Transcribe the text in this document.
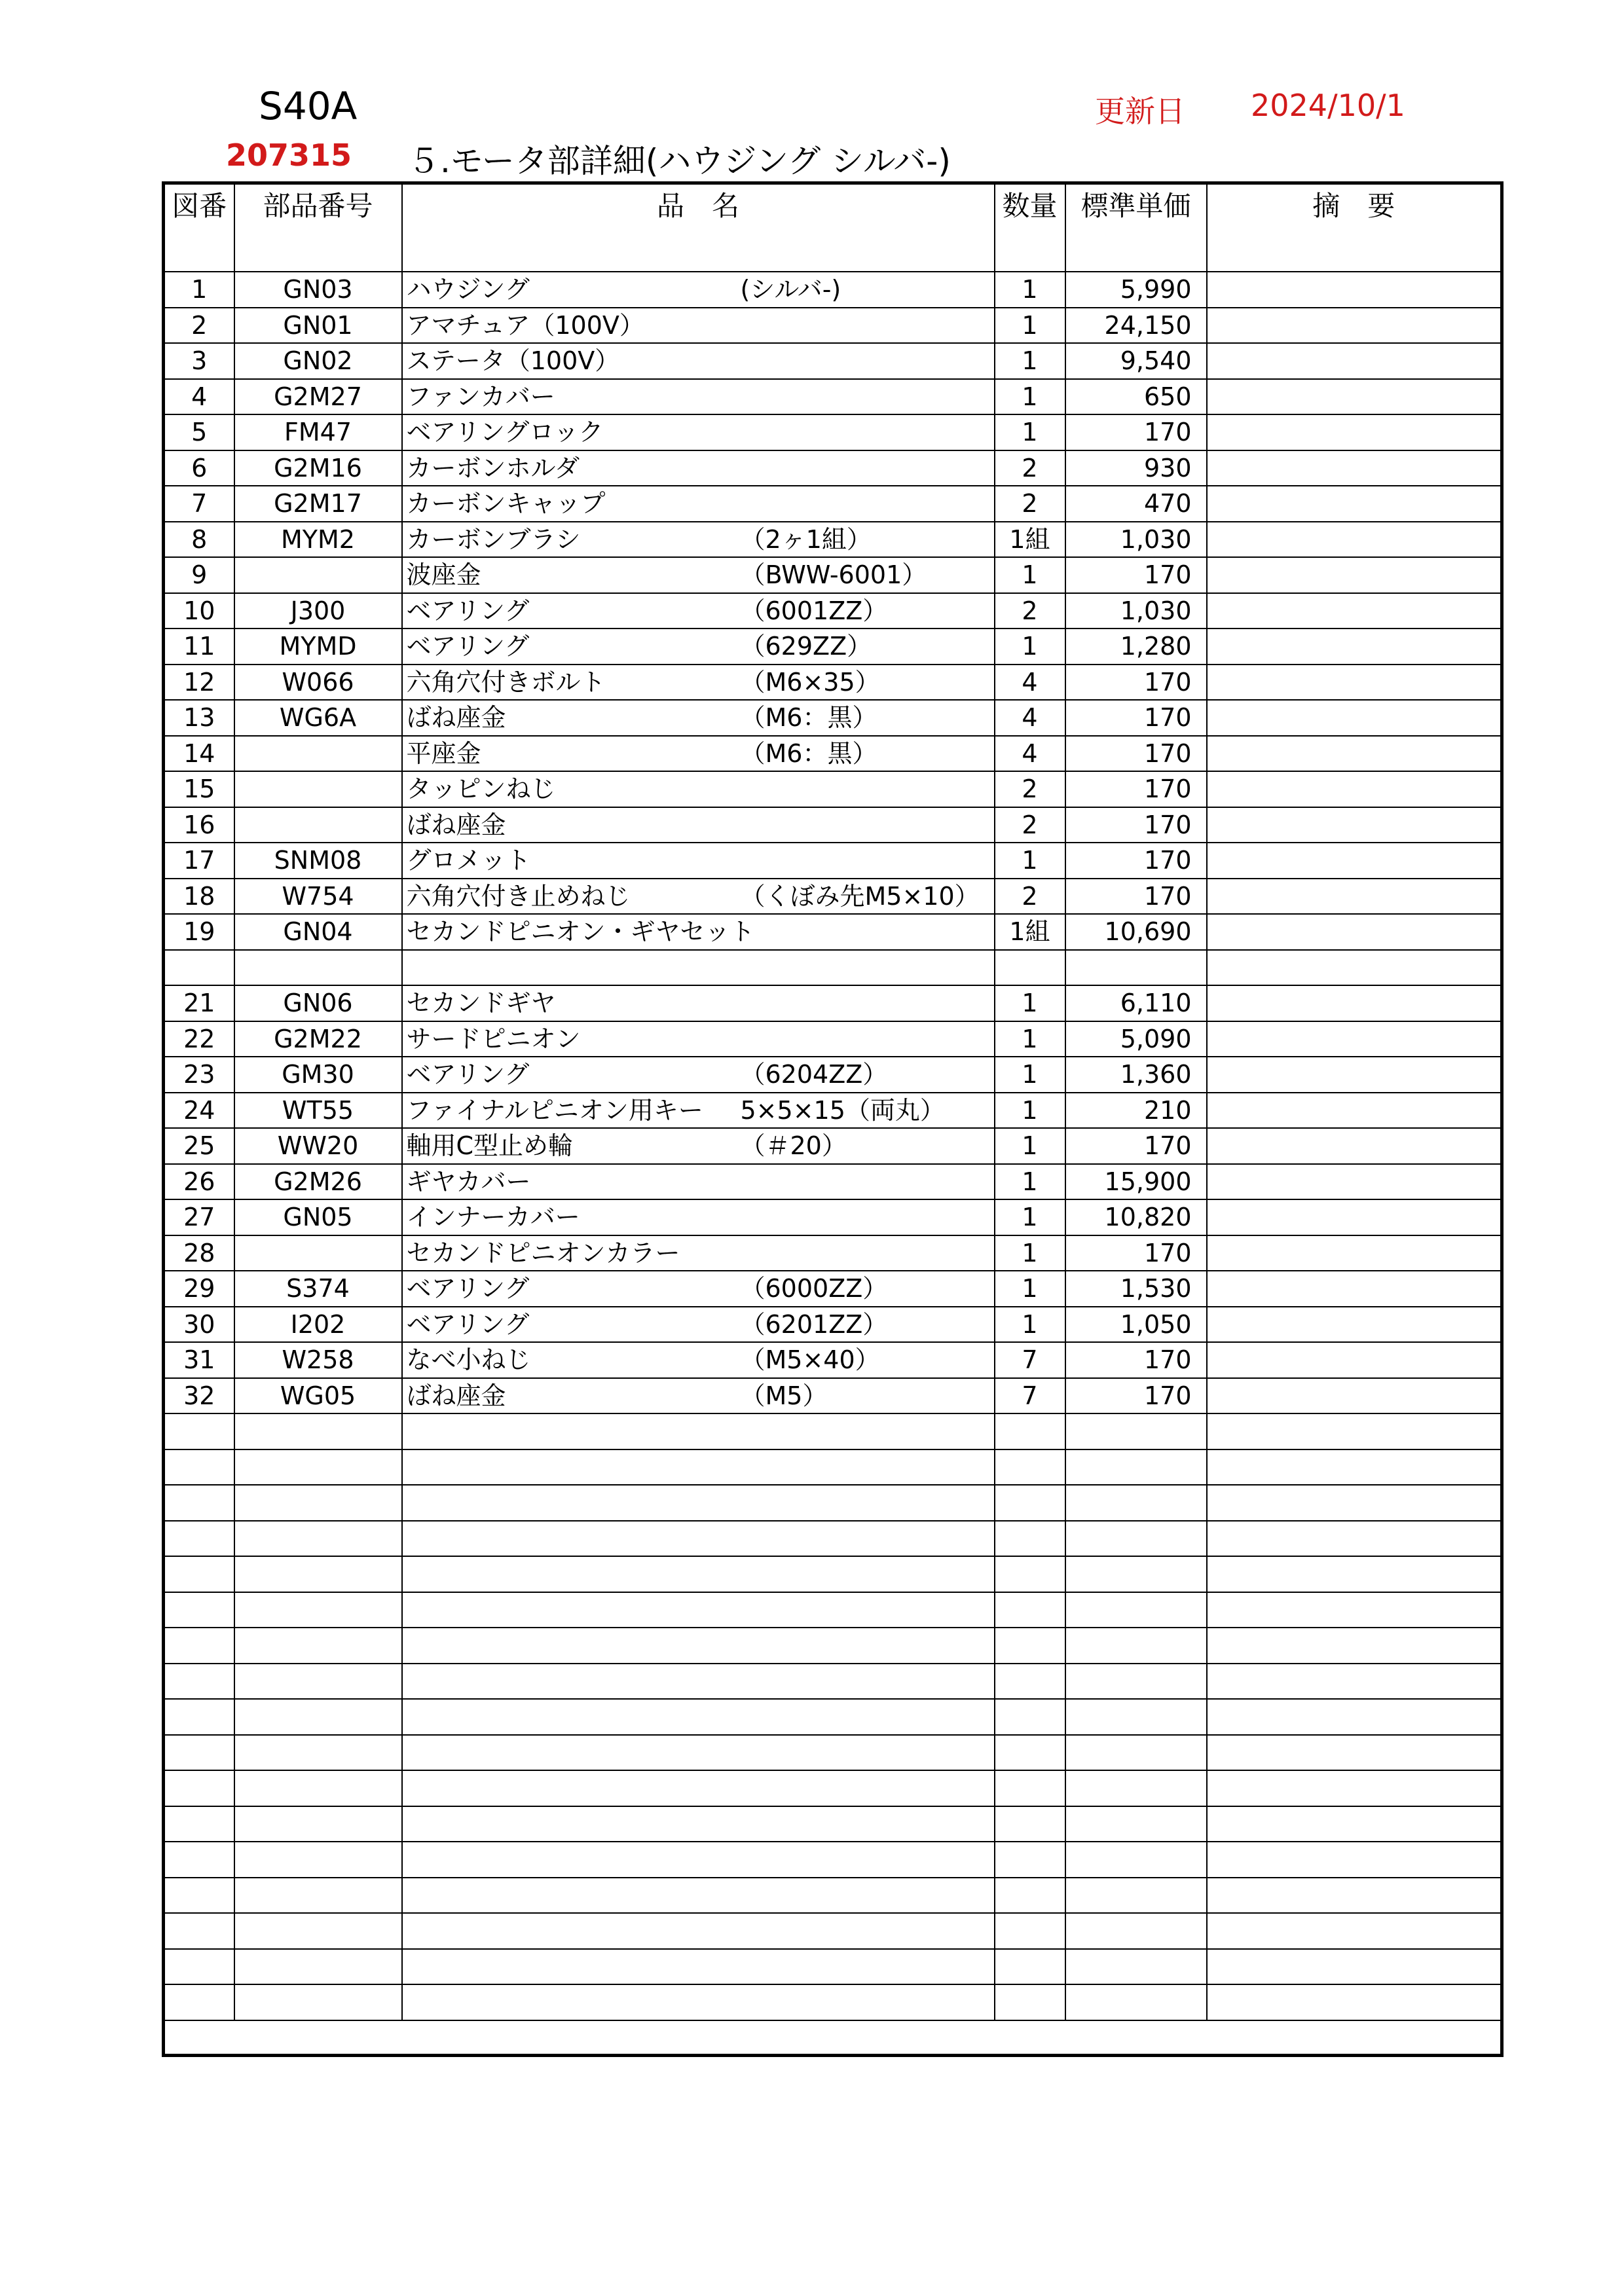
S40A	更新日 2024/10/1
207315 ５.モータ部詳細(ハウジング シルバ-)
図番	部品番号	品　名	数量	標準単価	摘　要
1	GN03	ハウジング (シルバ-)	1	5,990	
2	GN01	アマチュア（100V）	1	24,150	
3	GN02	ステータ（100V）	1	9,540	
4	G2M27	ファンカバー	1	650	
5	FM47	ベアリングロック	1	170	
6	G2M16	カーボンホルダ	2	930	
7	G2M17	カーボンキャップ	2	470	
8	MYM2	カーボンブラシ （2ヶ1組）	1組	1,030	
9		波座金 （BWW-6001）	1	170	
10	J300	ベアリング （6001ZZ）	2	1,030	
11	MYMD	ベアリング （629ZZ）	1	1,280	
12	W066	六角穴付きボルト （M6×35）	4	170	
13	WG6A	ばね座金 （M6：黒）	4	170	
14		平座金 （M6：黒）	4	170	
15		タッピンねじ	2	170	
16		ばね座金	2	170	
17	SNM08	グロメット	1	170	
18	W754	六角穴付き止めねじ （くぼみ先M5×10）	2	170	
19	GN04	セカンドピニオン・ギヤセット	1組	10,690	

21	GN06	セカンドギヤ	1	6,110	
22	G2M22	サードピニオン	1	5,090	
23	GM30	ベアリング （6204ZZ）	1	1,360	
24	WT55	ファイナルピニオン用キー 5×5×15（両丸）	1	210	
25	WW20	軸用C型止め輪 （＃20）	1	170	
26	G2M26	ギヤカバー	1	15,900	
27	GN05	インナーカバー	1	10,820	
28		セカンドピニオンカラー	1	170	
29	S374	ベアリング （6000ZZ）	1	1,530	
30	I202	ベアリング （6201ZZ）	1	1,050	
31	W258	なべ小ねじ （M5×40）	7	170	
32	WG05	ばね座金 （M5）	7	170	
